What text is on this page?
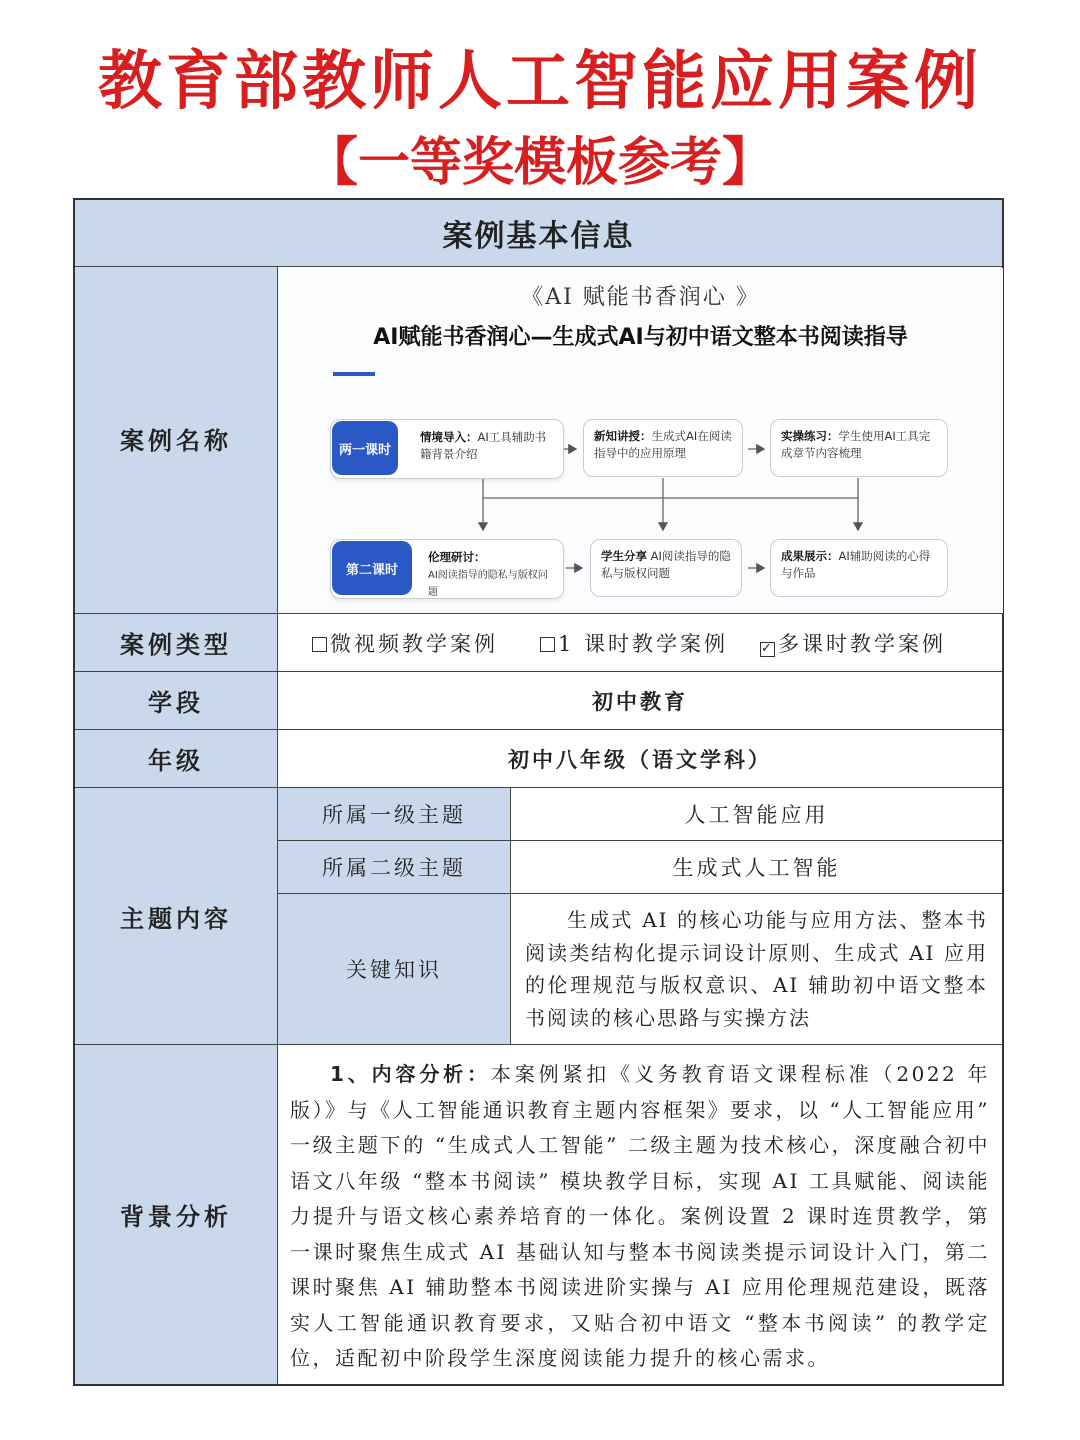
教育部教师人工智能应用案例
【一等奖模板参考】
案例基本信息
案例名称
案例类型
学段
年级
主题内容
背景分析
所属一级主题
所属二级主题
关键知识
《AI 赋能书香润心 》
AI赋能书香润心—生成式AI与初中语文整本书阅读指导
两一课时
情境导入：AI工具辅助书籍背景介绍
新知讲授：生成式AI在阅读指导中的应用原理
实操练习：学生使用AI工具完成章节内容梳理
第二课时
伦理研讨：
AI阅读指导的隐私与版权问题
学生分享 AI阅读指导的隐私与版权问题
成果展示：AI辅助阅读的心得与作品
微视频教学案例	1 课时教学案例	✓ 多课时教学案例
初中教育
初中八年级（语文学科）
人工智能应用
生成式人工智能
生成式 AI 的核心功能与应用方法、整本书阅读类结构化提示词设计原则、生成式 AI 应用的伦理规范与版权意识、AI 辅助初中语文整本书阅读的核心思路与实操方法
1、内容分析：本案例紧扣《义务教育语文课程标准（2022 年版）》与《人工智能通识教育主题内容框架》要求，以 “人工智能应用” 一级主题下的 “生成式人工智能” 二级主题为技术核心，深度融合初中语文八年级 “整本书阅读” 模块教学目标，实现 AI 工具赋能、阅读能力提升与语文核心素养培育的一体化。案例设置 2 课时连贯教学，第一课时聚焦生成式 AI 基础认知与整本书阅读类提示词设计入门，第二课时聚焦 AI 辅助整本书阅读进阶实操与 AI 应用伦理规范建设，既落实人工智能通识教育要求，又贴合初中语文 “整本书阅读” 的教学定位，适配初中阶段学生深度阅读能力提升的核心需求。
